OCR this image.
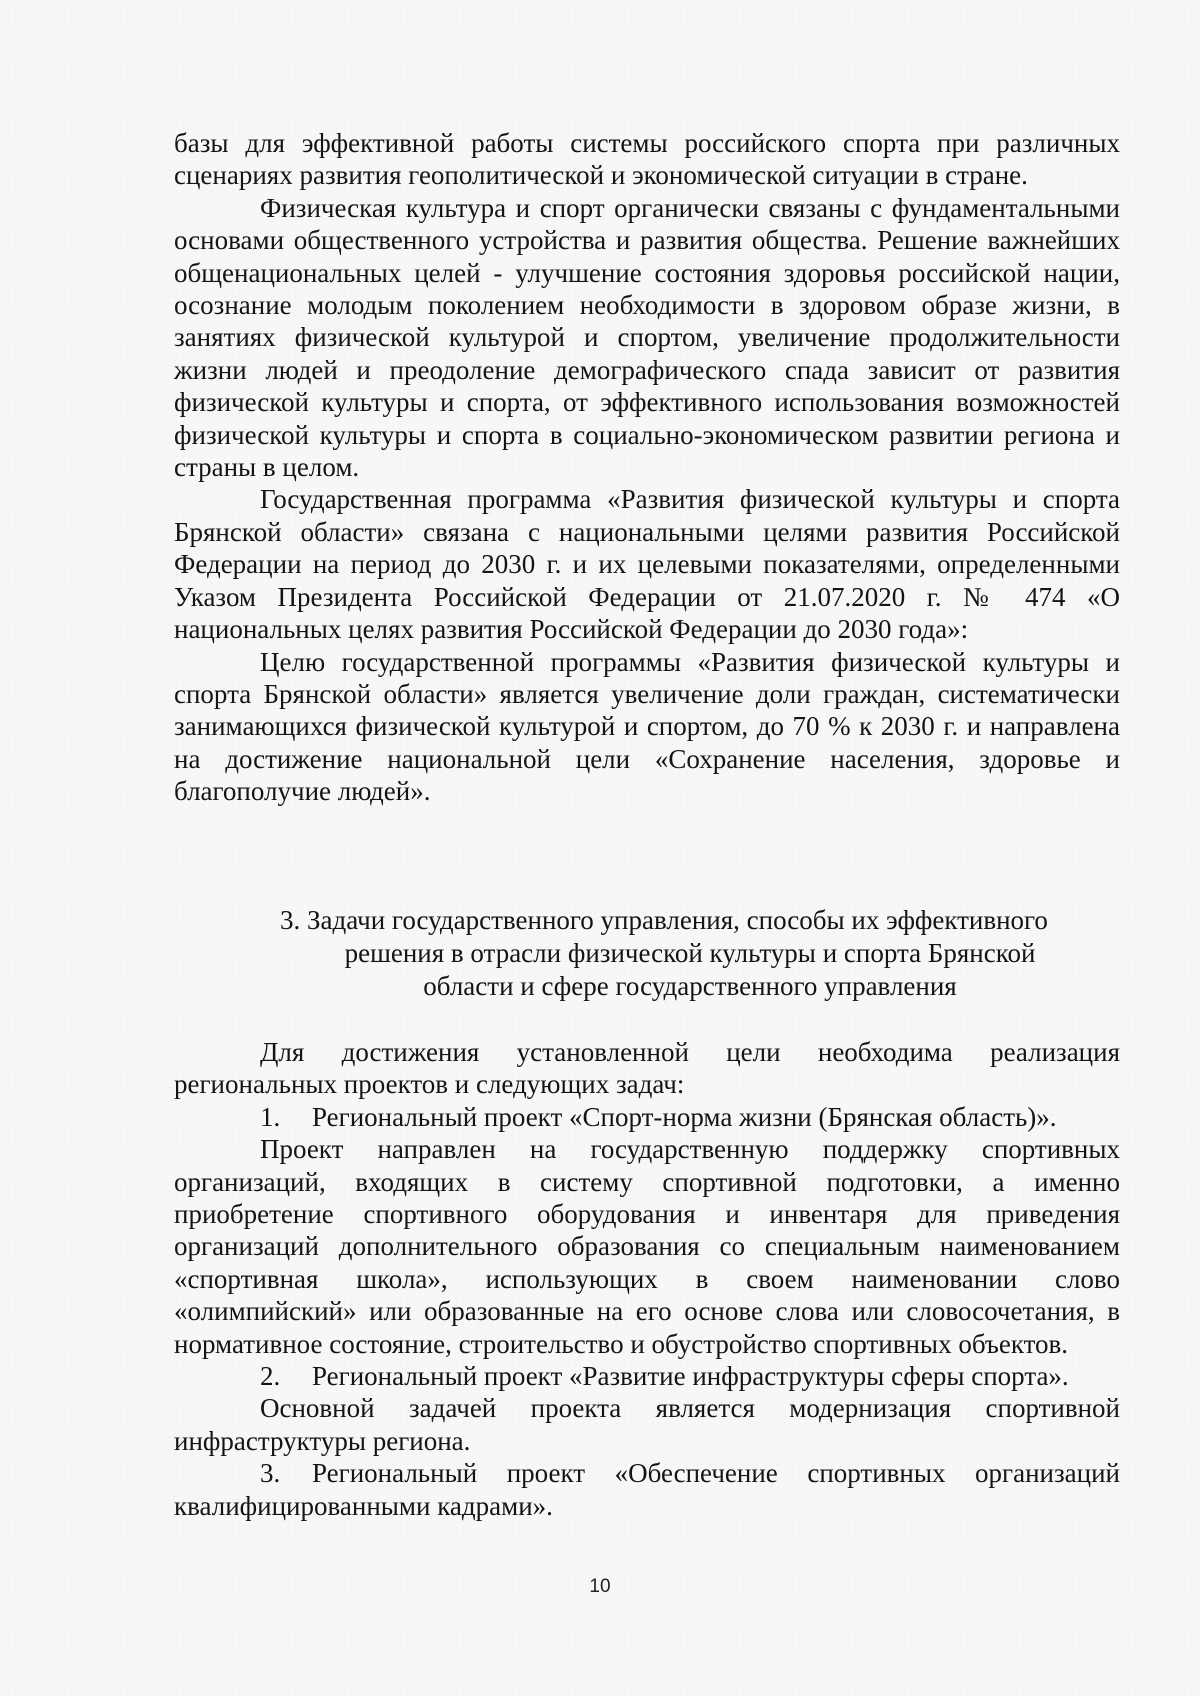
базы для эффективной работы системы российского спорта при различных сценариях развития геополитической и экономической ситуации в стране.

Физическая культура и спорт органически связаны с фундаментальными основами общественного устройства и развития общества. Решение важнейших общенациональных целей - улучшение состояния здоровья российской нации, осознание молодым поколением необходимости в здоровом образе жизни, в занятиях физической культурой и спортом, увеличение продолжительности жизни людей и преодоление демографического спада зависит от развития физической культуры и спорта, от эффективного использования возможностей физической культуры и спорта в социально-экономическом развитии региона и страны в целом.

Государственная программа «Развития физической культуры и спорта Брянской области» связана с национальными целями развития Российской Федерации на период до 2030 г. и их целевыми показателями, определенными Указом Президента Российской Федерации от 21.07.2020 г. № 474 «О национальных целях развития Российской Федерации до 2030 года»:

Целю государственной программы «Развития физической культуры и спорта Брянской области» является увеличение доли граждан, систематически занимающихся физической культурой и спортом, до 70 % к 2030 г. и направлена на достижение национальной цели «Сохранение населения, здоровье и благополучие людей».

3. Задачи государственного управления, способы их эффективного
решения в отрасли физической культуры и спорта Брянской
области и сфере государственного управления

Для достижения установленной цели необходима реализация региональных проектов и следующих задач:

1. Региональный проект «Спорт-норма жизни (Брянская область)».

Проект направлен на государственную поддержку спортивных организаций, входящих в систему спортивной подготовки, а именно приобретение спортивного оборудования и инвентаря для приведения организаций дополнительного образования со специальным наименованием «спортивная школа», использующих в своем наименовании слово «олимпийский» или образованные на его основе слова или словосочетания, в нормативное состояние, строительство и обустройство спортивных объектов.

2. Региональный проект «Развитие инфраструктуры сферы спорта».

Основной задачей проекта является модернизация спортивной инфраструктуры региона.

3. Региональный проект «Обеспечение спортивных организаций квалифицированными кадрами».

10
